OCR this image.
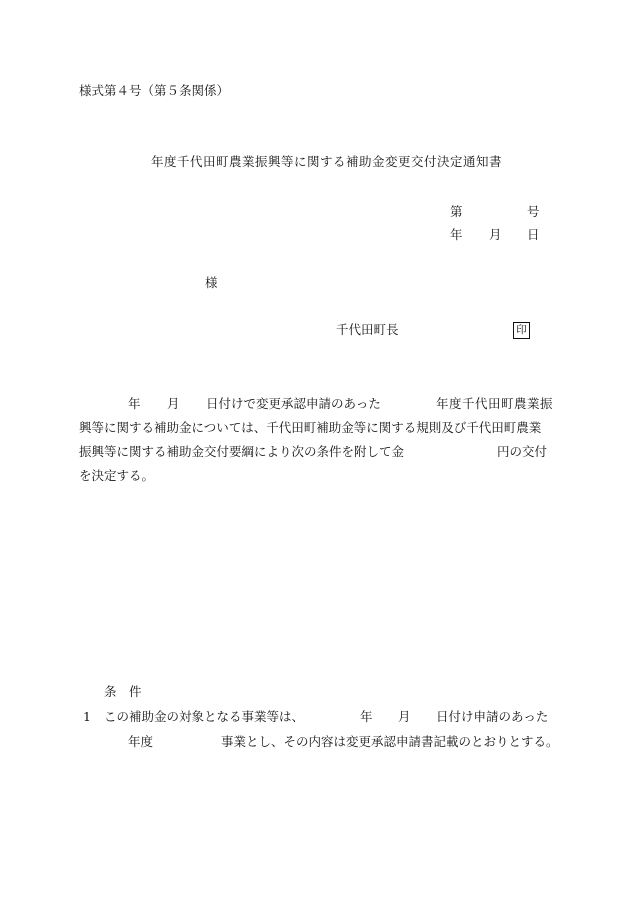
様式第４号（第５条関係）
年度千代田町農業振興等に関する補助金変更交付決定通知書
第	号
年 月 日
様
千代田町長	印
年 月 日付けで変更承認申請のあった	年度千代田町農業振
興等に関する補助金については、千代田町補助金等に関する規則及び千代田町農業
振興等に関する補助金交付要綱により次の条件を附して金	円の交付
を決定する。
条　件
1 この補助金の対象となる事業等は、	年 月 日付け申請のあった
年度	事業とし、その内容は変更承認申請書記載のとおりとする。
